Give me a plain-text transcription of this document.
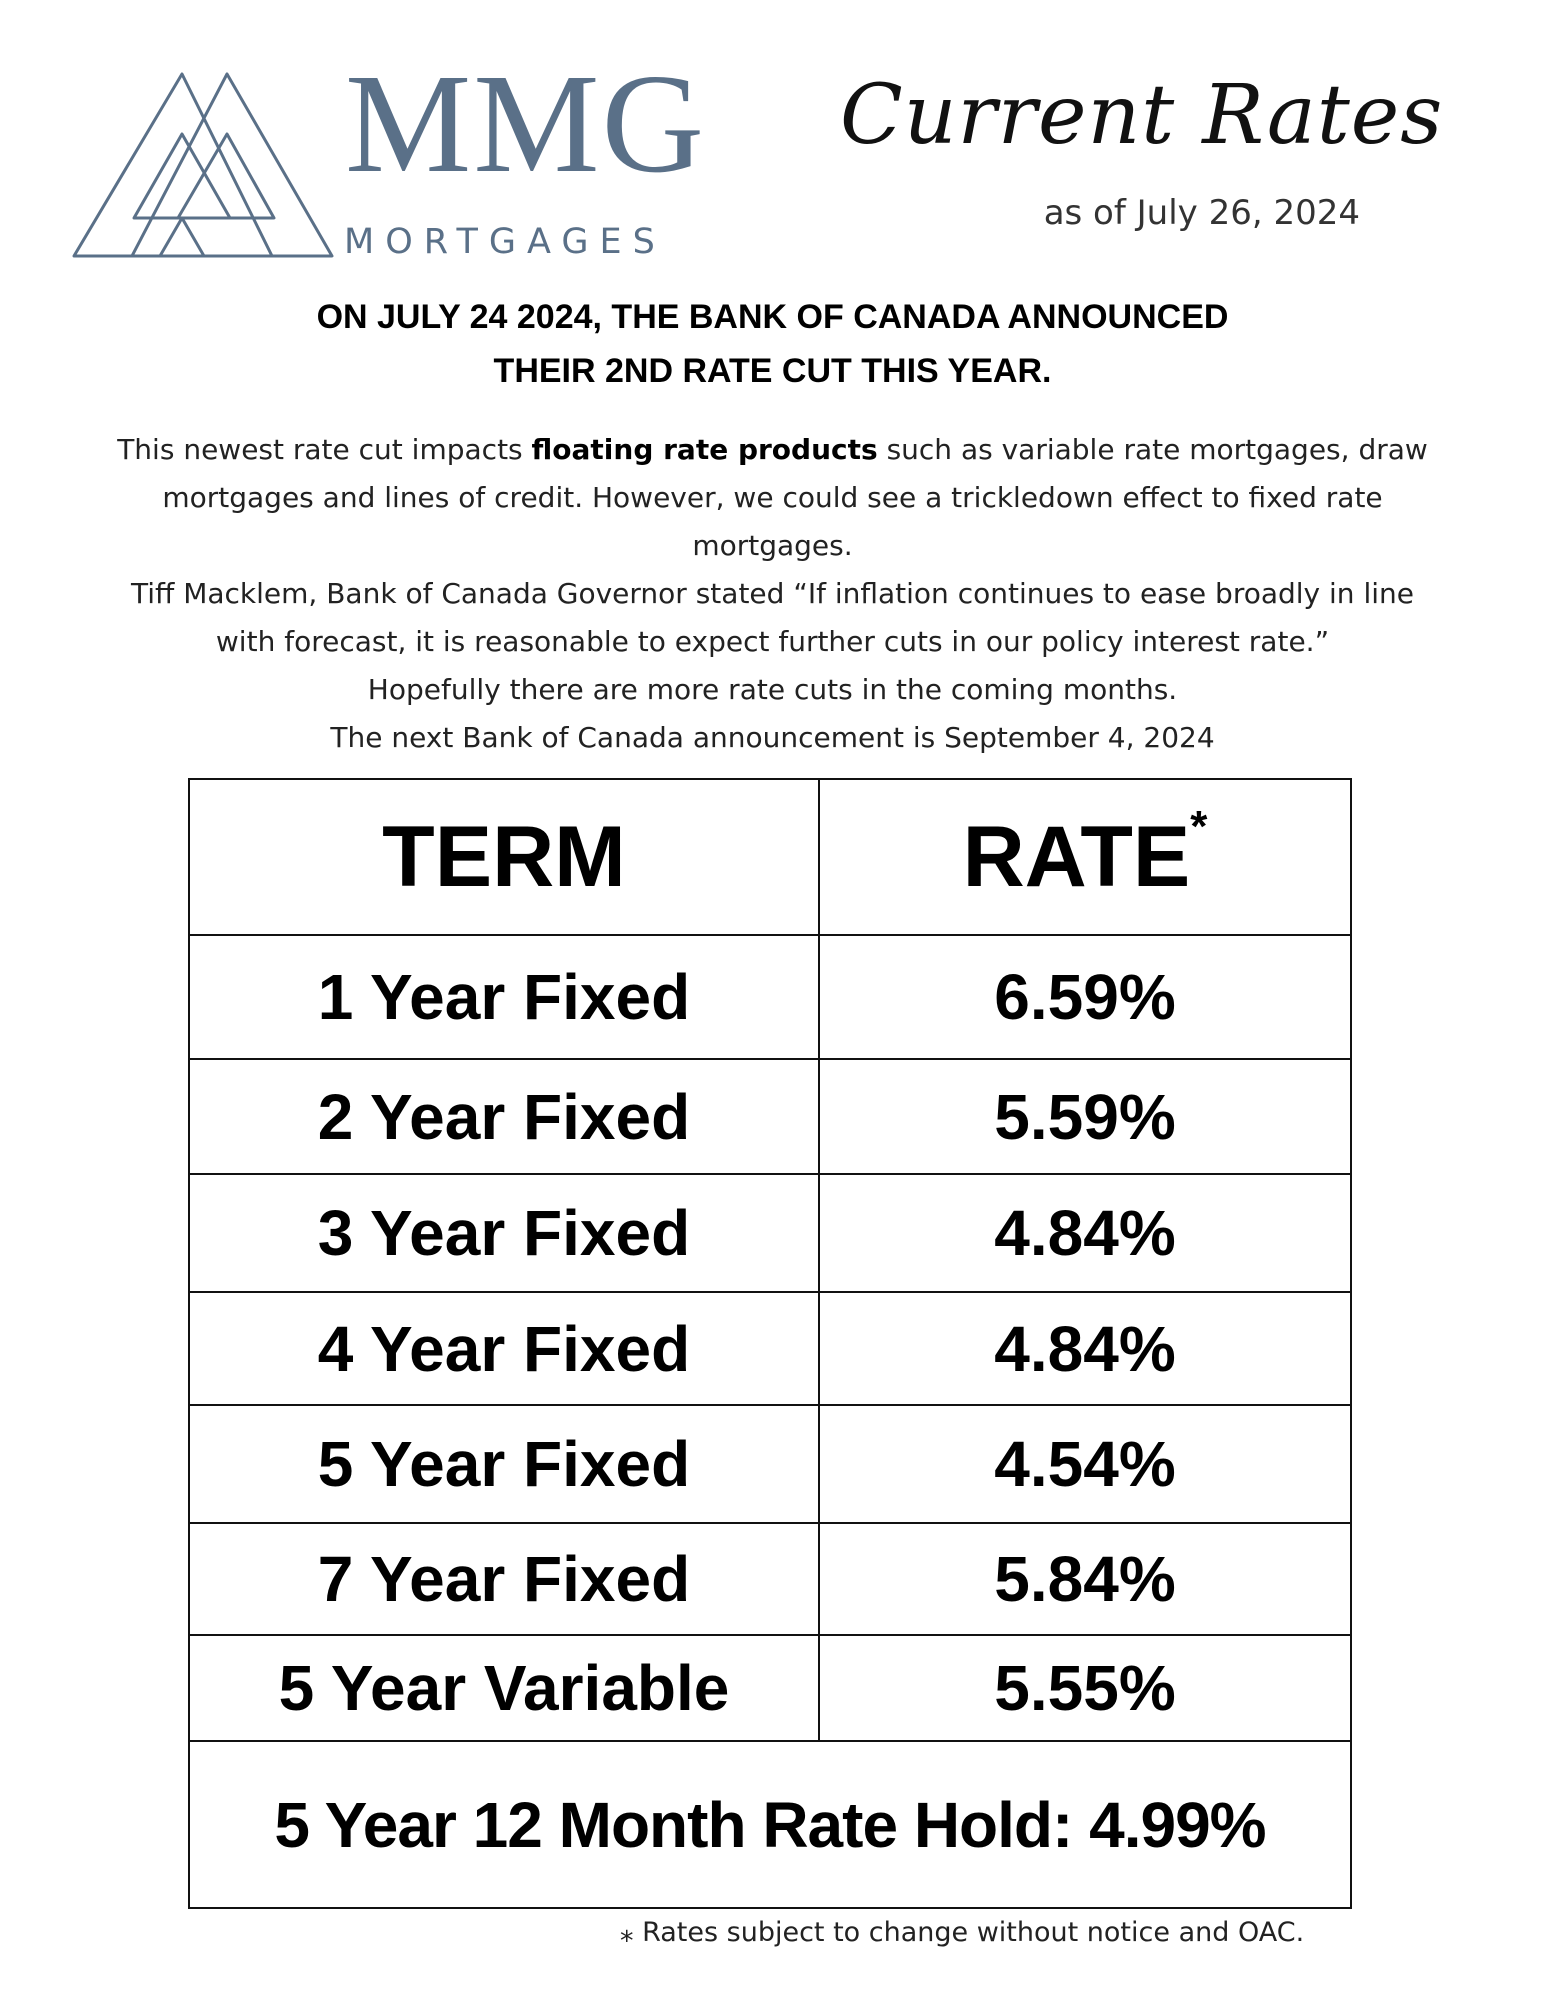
MMG
MORTGAGES
Current Rates
as of July 26, 2024
ON JULY 24 2024, THE BANK OF CANADA ANNOUNCED
THEIR 2ND RATE CUT THIS YEAR.

This newest rate cut impacts floating rate products such as variable rate mortgages, draw mortgages and lines of credit. However, we could see a trickledown effect to fixed rate mortgages.

Tiff Macklem, Bank of Canada Governor stated “If inflation continues to ease broadly in line with forecast, it is reasonable to expect further cuts in our policy interest rate.”

Hopefully there are more rate cuts in the coming months.

The next Bank of Canada announcement is September 4, 2024

TERM	RATE*
1 Year Fixed	6.59%
2 Year Fixed	5.59%
3 Year Fixed	4.84%
4 Year Fixed	4.84%
5 Year Fixed	4.54%
7 Year Fixed	5.84%
5 Year Variable	5.55%
5 Year 12 Month Rate Hold: 4.99%	
⁎ Rates subject to change without notice and OAC.
